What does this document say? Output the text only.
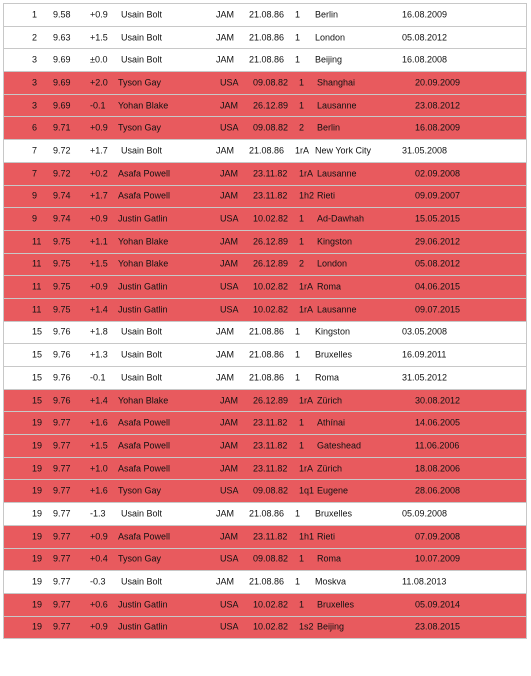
1 9.58 +0.9 Usain Bolt	JAM 21.08.86 1 Berlin	16.08.2009
2 9.63 +1.5 Usain Bolt	JAM 21.08.86 1 London	05.08.2012
3 9.69 ±0.0 Usain Bolt	JAM 21.08.86 1 Beijing	16.08.2008
3 9.69 +2.0 Tyson Gay	USA 09.08.82 1 Shanghai	20.09.2009
3 9.69 -0.1 Yohan Blake	JAM 26.12.89 1 Lausanne	23.08.2012
6 9.71 +0.9 Tyson Gay	USA 09.08.82 2 Berlin	16.08.2009
7 9.72 +1.7 Usain Bolt	JAM 21.08.86 1rA New York City	31.05.2008
7 9.72 +0.2 Asafa Powell	JAM 23.11.82 1rA Lausanne	02.09.2008
9 9.74 +1.7 Asafa Powell	JAM 23.11.82 1h2 Rieti	09.09.2007
9 9.74 +0.9 Justin Gatlin	USA 10.02.82 1 Ad-Dawhah	15.05.2015
11 9.75 +1.1 Yohan Blake	JAM 26.12.89 1 Kingston	29.06.2012
11 9.75 +1.5 Yohan Blake	JAM 26.12.89 2 London	05.08.2012
11 9.75 +0.9 Justin Gatlin	USA 10.02.82 1rA Roma	04.06.2015
11 9.75 +1.4 Justin Gatlin	USA 10.02.82 1rA Lausanne	09.07.2015
15 9.76 +1.8 Usain Bolt	JAM 21.08.86 1 Kingston	03.05.2008
15 9.76 +1.3 Usain Bolt	JAM 21.08.86 1 Bruxelles	16.09.2011
15 9.76 -0.1 Usain Bolt	JAM 21.08.86 1 Roma	31.05.2012
15 9.76 +1.4 Yohan Blake	JAM 26.12.89 1rA Zürich	30.08.2012
19 9.77 +1.6 Asafa Powell	JAM 23.11.82 1 Athínai	14.06.2005
19 9.77 +1.5 Asafa Powell	JAM 23.11.82 1 Gateshead	11.06.2006
19 9.77 +1.0 Asafa Powell	JAM 23.11.82 1rA Zürich	18.08.2006
19 9.77 +1.6 Tyson Gay	USA 09.08.82 1q1 Eugene	28.06.2008
19 9.77 -1.3 Usain Bolt	JAM 21.08.86 1 Bruxelles	05.09.2008
19 9.77 +0.9 Asafa Powell	JAM 23.11.82 1h1 Rieti	07.09.2008
19 9.77 +0.4 Tyson Gay	USA 09.08.82 1 Roma	10.07.2009
19 9.77 -0.3 Usain Bolt	JAM 21.08.86 1 Moskva	11.08.2013
19 9.77 +0.6 Justin Gatlin	USA 10.02.82 1 Bruxelles	05.09.2014
19 9.77 +0.9 Justin Gatlin	USA 10.02.82 1s2 Beijing	23.08.2015
